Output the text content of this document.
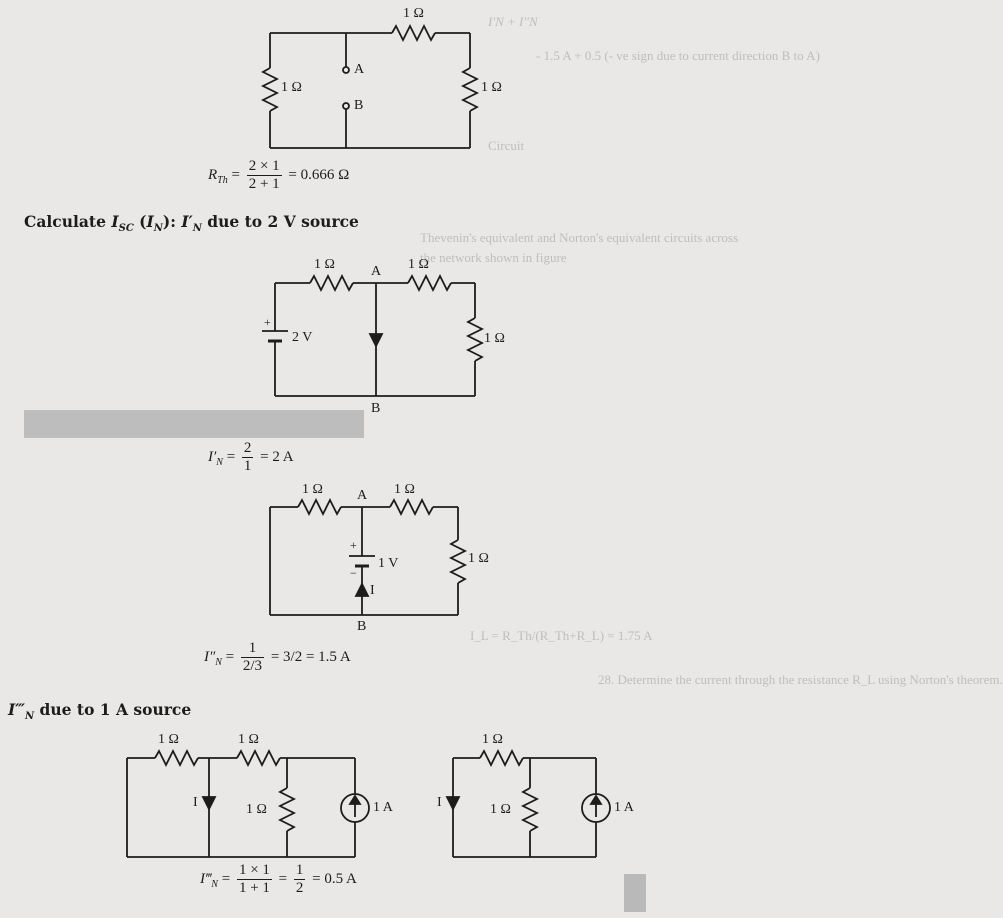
I'N + I''N
- 1.5 A + 0.5 (- ve sign due to current direction B to A)
Circuit
Thevenin's equivalent and Norton's equivalent circuits across
the network shown in figure
I_L = R_Th/(R_Th+R_L) = 1.75 A
28. Determine the current through the resistance R_L using Norton's theorem.
1 Ω
1 Ω	1 Ω
A
B
$R_{Th} = \frac{2 \times 1}{2 + 1} = 0.666$ Ω
Calculate $I_{SC}$ $(I_N)$: $I'_N$ due to 2 V source
1 Ω	1 Ω
1 Ω
A
B
+
2 V
$I'_N = \frac{2}{1} = 2$ A
1 Ω	1 Ω
1 Ω
A
B
+
−
1 V
I
$I''_N = \frac{1}{2/3} = 3/2 = 1.5$ A
$I‴_N$ due to 1 A source
1 Ω	1 Ω
1 Ω
I	1 A
1 Ω
1 Ω
I	1 A
$I‴_N = \frac{1 \times 1}{1 + 1} = \frac{1}{2} = 0.5$ A
